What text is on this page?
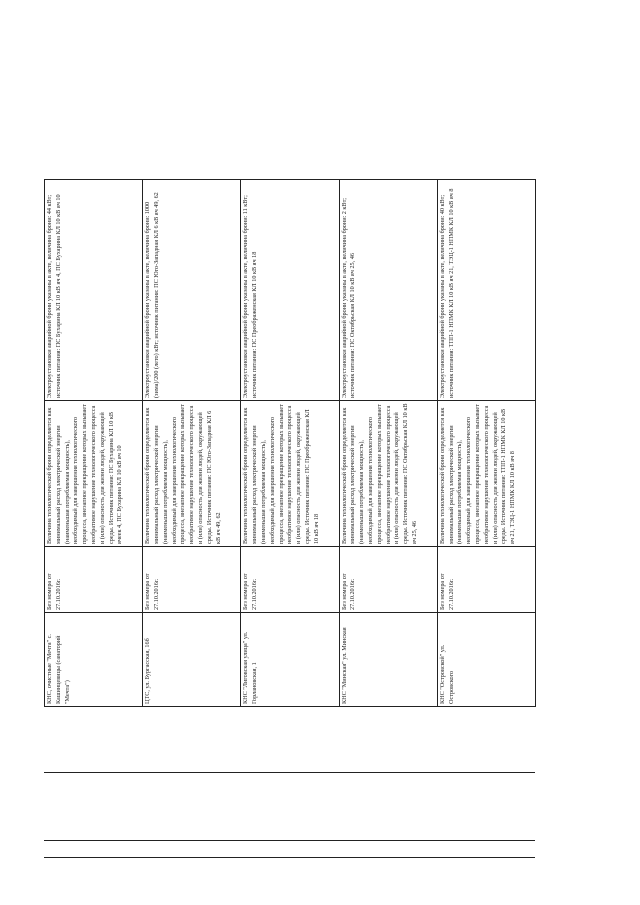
КНС, очистные "Мечта" с. Кашинцевицы (санаторий "Мечта")	Без номера от 27.10.2016г.	Величина технологической брони определяется как минимальный расход электрической энергии (наименьшая потребляемая мощность), необходимый для завершения технологического процесса, внезапное прекращение которых вызывает необратимое нарушение технологического процесса и (или) опасность для жизни людей, окружающей среды. Источник питания: ПС Бухарина КЛ 10 кВ ячеек 4, ПС Бухарина КЛ 10 кВ яч 10	Электроустановки аварийной брони указаны в акте, величина брони: 44 кВт; источник питания: ПС Бухарина КЛ 10 кВ яч 4, ПС Бухарина КЛ 10 кВ яч 10
ЦТС, ул. Бургасская, 16б	Без номера от 27.10.2016г.	Величина технологической брони определяется как минимальный расход электрической энергии (наименьшая потребляемая мощность), необходимый для завершения технологического процесса, внезапное прекращение которых вызывает необратимое нарушение технологического процесса и (или) опасность для жизни людей, окружающей среды. Источник питания: ПС Юго-Западная КЛ 6 кВ яч 49, 62	Электроустановки аварийной брони указаны в акте, величина брони: 1000 (зима)/200 (лето) кВт; источник питания: ПС Юго-Западная КЛ 6 кВ яч 49, 62
КНС "Лиговская улица" ул. Горлановская, 1	Без номера от 27.10.2016г.	Величина технологической брони определяется как минимальный расход электрической энергии (наименьшая потребляемая мощность), необходимый для завершения технологического процесса, внезапное прекращение которых вызывает необратимое нарушение технологического процесса и (или) опасность для жизни людей, окружающей среды. Источник питания: ПС Преображенская КЛ 10 кВ яч 18	Электроустановки аварийной брони указаны в акте, величина брони: 11 кВт; источник питания: ПС Преображенская КЛ 10 кВ яч 18
КНС "Минская" ул. Минская	Без номера от 27.10.2016г.	Величина технологической брони определяется как минимальный расход электрической энергии (наименьшая потребляемая мощность), необходимый для завершения технологического процесса, внезапное прекращение которых вызывает необратимое нарушение технологического процесса и (или) опасность для жизни людей, окружающей среды. Источник питания: ПС Октябрьская КЛ 10 кВ яч 25, 46	Электроустановки аварийной брони указаны в акте, величина брони: 2 кВт; источник питания: ПС Октябрьская КЛ 10 кВ яч 25, 46
КНС "Островской" ул. Островского	Без номера от 27.10.2016г.	Величина технологической брони определяется как минимальный расход электрической энергии (наименьшая потребляемая мощность), необходимый для завершения технологического процесса, внезапное прекращение которых вызывает необратимое нарушение технологического процесса и (или) опасность для жизни людей, окружающей среды. Источник питания: ТПП-1 НПМК КЛ 10 кВ яч 21, ТЭЦ-1 НПМК КЛ 10 кВ яч 8	Электроустановки аварийной брони указаны в акте, величина брони: 40 кВт; источник питания: ТПП-1 НПМК КЛ 10 кВ яч 21, ТЭЦ-1 НПМК КЛ 10 кВ яч 8
